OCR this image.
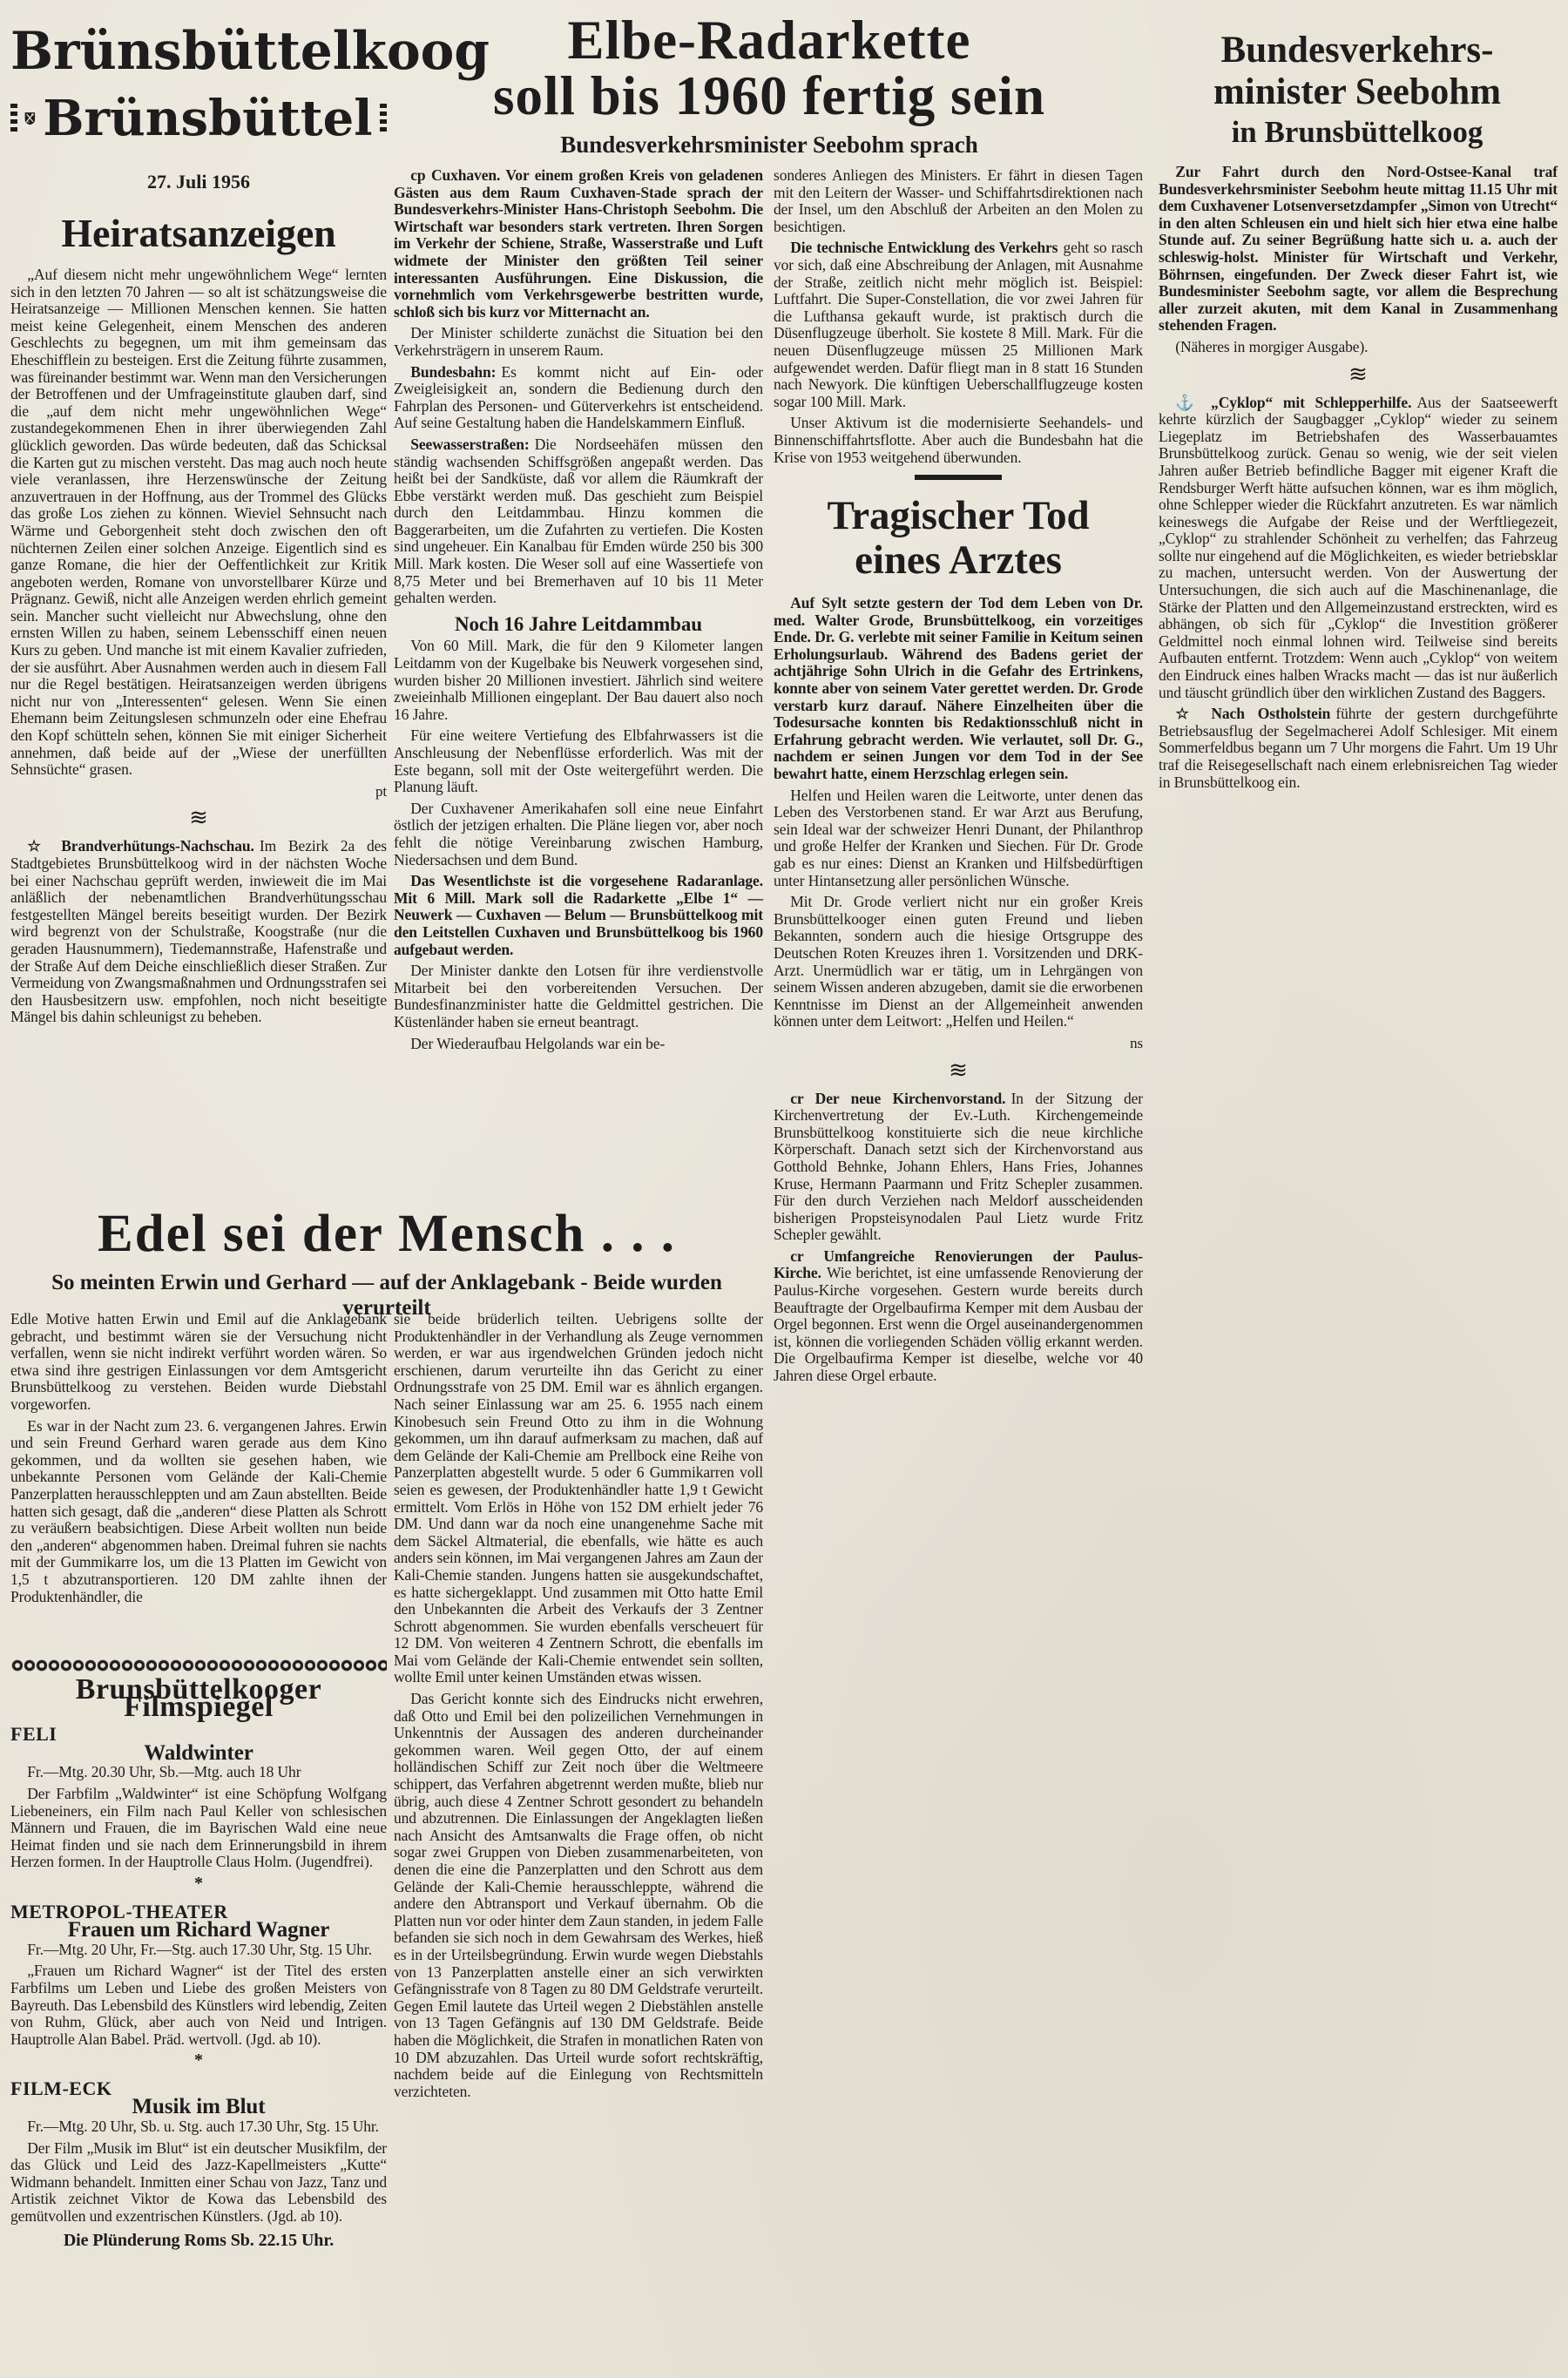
Brünsbüttelkoog
Brünsbüttel
27. Juli 1956
Heiratsanzeigen

„Auf diesem nicht mehr ungewöhnlichem Wege“ lernten sich in den letzten 70 Jahren — so alt ist schätzungsweise die Heiratsanzeige — Millionen Menschen kennen. Sie hatten meist keine Gelegenheit, einem Menschen des anderen Geschlechts zu begegnen, um mit ihm gemeinsam das Eheschifflein zu besteigen. Erst die Zeitung führte zusammen, was füreinander bestimmt war. Wenn man den Versicherungen der Betroffenen und der Umfrageinstitute glauben darf, sind die „auf dem nicht mehr ungewöhnlichen Wege“ zustandegekommenen Ehen in ihrer überwiegenden Zahl glücklich geworden. Das würde bedeuten, daß das Schicksal die Karten gut zu mischen versteht. Das mag auch noch heute viele veranlassen, ihre Herzenswünsche der Zeitung anzuvertrauen in der Hoffnung, aus der Trommel des Glücks das große Los ziehen zu können. Wieviel Sehnsucht nach Wärme und Geborgenheit steht doch zwischen den oft nüchternen Zeilen einer solchen Anzeige. Eigentlich sind es ganze Romane, die hier der Oeffentlichkeit zur Kritik angeboten werden, Romane von unvorstellbarer Kürze und Prägnanz. Gewiß, nicht alle Anzeigen werden ehrlich gemeint sein. Mancher sucht vielleicht nur Abwechslung, ohne den ernsten Willen zu haben, seinem Lebensschiff einen neuen Kurs zu geben. Und manche ist mit einem Kavalier zufrieden, der sie ausführt. Aber Ausnahmen werden auch in diesem Fall nur die Regel bestätigen. Heiratsanzeigen werden übrigens nicht nur von „Interessenten“ gelesen. Wenn Sie einen Ehemann beim Zeitungslesen schmunzeln oder eine Ehefrau den Kopf schütteln sehen, können Sie mit einiger Sicherheit annehmen, daß beide auf der „Wiese der unerfüllten Sehnsüchte“ grasen.

pt

≋

☆ Brandverhütungs-Nachschau. Im Bezirk 2a des Stadtgebietes Brunsbüttelkoog wird in der nächsten Woche bei einer Nachschau geprüft werden, inwieweit die im Mai anläßlich der nebenamtlichen Brandverhütungsschau festgestellten Mängel bereits beseitigt wurden. Der Bezirk wird begrenzt von der Schulstraße, Koogstraße (nur die geraden Hausnummern), Tiedemannstraße, Hafenstraße und der Straße Auf dem Deiche einschließlich dieser Straßen. Zur Vermeidung von Zwangsmaßnahmen und Ordnungsstrafen sei den Hausbesitzern usw. empfohlen, noch nicht beseitigte Mängel bis dahin schleunigst zu beheben.

Elbe-Radarkette
soll bis 1960 fertig sein
Bundesverkehrsminister Seebohm sprach

cp Cuxhaven. Vor einem großen Kreis von geladenen Gästen aus dem Raum Cuxhaven-Stade sprach der Bundesverkehrs-Minister Hans-Christoph Seebohm. Die Wirtschaft war besonders stark vertreten. Ihren Sorgen im Verkehr der Schiene, Straße, Wasserstraße und Luft widmete der Minister den größten Teil seiner interessanten Ausführungen. Eine Diskussion, die vornehmlich vom Verkehrsgewerbe bestritten wurde, schloß sich bis kurz vor Mitternacht an.

Der Minister schilderte zunächst die Situation bei den Verkehrsträgern in unserem Raum.

Bundesbahn: Es kommt nicht auf Ein- oder Zweigleisigkeit an, sondern die Bedienung durch den Fahrplan des Personen- und Güterverkehrs ist entscheidend. Auf seine Gestaltung haben die Handelskammern Einfluß.

Seewasserstraßen: Die Nordseehäfen müssen den ständig wachsenden Schiffsgrößen angepaßt werden. Das heißt bei der Sandküste, daß vor allem die Räumkraft der Ebbe verstärkt werden muß. Das geschieht zum Beispiel durch den Leitdammbau. Hinzu kommen die Baggerarbeiten, um die Zufahrten zu vertiefen. Die Kosten sind ungeheuer. Ein Kanalbau für Emden würde 250 bis 300 Mill. Mark kosten. Die Weser soll auf eine Wassertiefe von 8,75 Meter und bei Bremerhaven auf 10 bis 11 Meter gehalten werden.

Noch 16 Jahre Leitdammbau

Von 60 Mill. Mark, die für den 9 Kilometer langen Leitdamm von der Kugelbake bis Neuwerk vorgesehen sind, wurden bisher 20 Millionen investiert. Jährlich sind weitere zweieinhalb Millionen eingeplant. Der Bau dauert also noch 16 Jahre.

Für eine weitere Vertiefung des Elbfahrwassers ist die Anschleusung der Nebenflüsse erforderlich. Was mit der Este begann, soll mit der Oste weitergeführt werden. Die Planung läuft.

Der Cuxhavener Amerikahafen soll eine neue Einfahrt östlich der jetzigen erhalten. Die Pläne liegen vor, aber noch fehlt die nötige Vereinbarung zwischen Hamburg, Niedersachsen und dem Bund.

Das Wesentlichste ist die vorgesehene Radaranlage. Mit 6 Mill. Mark soll die Radarkette „Elbe 1“ — Neuwerk — Cuxhaven — Belum — Brunsbüttelkoog mit den Leitstellen Cuxhaven und Brunsbüttelkoog bis 1960 aufgebaut werden.

Der Minister dankte den Lotsen für ihre verdienstvolle Mitarbeit bei den vorbereitenden Versuchen. Der Bundesfinanzminister hatte die Geldmittel gestrichen. Die Küstenländer haben sie erneut beantragt.

Der Wiederaufbau Helgolands war ein be-

sie beide brüderlich teilten. Uebrigens sollte der Produktenhändler in der Verhandlung als Zeuge vernommen werden, er war aus irgendwelchen Gründen jedoch nicht erschienen, darum verurteilte ihn das Gericht zu einer Ordnungsstrafe von 25 DM. Emil war es ähnlich ergangen. Nach seiner Einlassung war am 25. 6. 1955 nach einem Kinobesuch sein Freund Otto zu ihm in die Wohnung gekommen, um ihn darauf aufmerksam zu machen, daß auf dem Gelände der Kali-Chemie am Prellbock eine Reihe von Panzerplatten abgestellt wurde. 5 oder 6 Gummikarren voll seien es gewesen, der Produktenhändler hatte 1,9 t Gewicht ermittelt. Vom Erlös in Höhe von 152 DM erhielt jeder 76 DM. Und dann war da noch eine unangenehme Sache mit dem Säckel Altmaterial, die ebenfalls, wie hätte es auch anders sein können, im Mai vergangenen Jahres am Zaun der Kali-Chemie standen. Jungens hatten sie ausgekundschaftet, es hatte sichergeklappt. Und zusammen mit Otto hatte Emil den Unbekannten die Arbeit des Verkaufs der 3 Zentner Schrott abgenommen. Sie wurden ebenfalls verscheuert für 12 DM. Von weiteren 4 Zentnern Schrott, die ebenfalls im Mai vom Gelände der Kali-Chemie entwendet sein sollten, wollte Emil unter keinen Umständen etwas wissen.

Das Gericht konnte sich des Eindrucks nicht erwehren, daß Otto und Emil bei den polizeilichen Vernehmungen in Unkenntnis der Aussagen des anderen durcheinander gekommen waren. Weil gegen Otto, der auf einem holländischen Schiff zur Zeit noch über die Weltmeere schippert, das Verfahren abgetrennt werden mußte, blieb nur übrig, auch diese 4 Zentner Schrott gesondert zu behandeln und abzutrennen. Die Einlassungen der Angeklagten ließen nach Ansicht des Amtsanwalts die Frage offen, ob nicht sogar zwei Gruppen von Dieben zusammenarbeiteten, von denen die eine die Panzerplatten und den Schrott aus dem Gelände der Kali-Chemie herausschleppte, während die andere den Abtransport und Verkauf übernahm. Ob die Platten nun vor oder hinter dem Zaun standen, in jedem Falle befanden sie sich noch in dem Gewahrsam des Werkes, hieß es in der Urteilsbegründung. Erwin wurde wegen Diebstahls von 13 Panzerplatten anstelle einer an sich verwirkten Gefängnisstrafe von 8 Tagen zu 80 DM Geldstrafe verurteilt. Gegen Emil lautete das Urteil wegen 2 Diebstählen anstelle von 13 Tagen Gefängnis auf 130 DM Geldstrafe. Beide haben die Möglichkeit, die Strafen in monatlichen Raten von 10 DM abzuzahlen. Das Urteil wurde sofort rechtskräftig, nachdem beide auf die Einlegung von Rechtsmitteln verzichteten.

sonderes Anliegen des Ministers. Er fährt in diesen Tagen mit den Leitern der Wasser- und Schiffahrtsdirektionen nach der Insel, um den Abschluß der Arbeiten an den Molen zu besichtigen.

Die technische Entwicklung des Verkehrs geht so rasch vor sich, daß eine Abschreibung der Anlagen, mit Ausnahme der Straße, zeitlich nicht mehr möglich ist. Beispiel: Luftfahrt. Die Super-Constellation, die vor zwei Jahren für die Lufthansa gekauft wurde, ist praktisch durch die Düsenflugzeuge überholt. Sie kostete 8 Mill. Mark. Für die neuen Düsenflugzeuge müssen 25 Millionen Mark aufgewendet werden. Dafür fliegt man in 8 statt 16 Stunden nach Newyork. Die künftigen Ueberschallflugzeuge kosten sogar 100 Mill. Mark.

Unser Aktivum ist die modernisierte Seehandels- und Binnenschiffahrtsflotte. Aber auch die Bundesbahn hat die Krise von 1953 weitgehend überwunden.

Tragischer Tod
eines Arztes

Auf Sylt setzte gestern der Tod dem Leben von Dr. med. Walter Grode, Brunsbüttelkoog, ein vorzeitiges Ende. Dr. G. verlebte mit seiner Familie in Keitum seinen Erholungsurlaub. Während des Badens geriet der achtjährige Sohn Ulrich in die Gefahr des Ertrinkens, konnte aber von seinem Vater gerettet werden. Dr. Grode verstarb kurz darauf. Nähere Einzelheiten über die Todesursache konnten bis Redaktionsschluß nicht in Erfahrung gebracht werden. Wie verlautet, soll Dr. G., nachdem er seinen Jungen vor dem Tod in der See bewahrt hatte, einem Herzschlag erlegen sein.

Helfen und Heilen waren die Leitworte, unter denen das Leben des Verstorbenen stand. Er war Arzt aus Berufung, sein Ideal war der schweizer Henri Dunant, der Philanthrop und große Helfer der Kranken und Siechen. Für Dr. Grode gab es nur eines: Dienst an Kranken und Hilfsbedürftigen unter Hintansetzung aller persönlichen Wünsche.

Mit Dr. Grode verliert nicht nur ein großer Kreis Brunsbüttelkooger einen guten Freund und lieben Bekannten, sondern auch die hiesige Ortsgruppe des Deutschen Roten Kreuzes ihren 1. Vorsitzenden und DRK-Arzt. Unermüdlich war er tätig, um in Lehrgängen von seinem Wissen anderen abzugeben, damit sie die erworbenen Kenntnisse im Dienst an der Allgemeinheit anwenden können unter dem Leitwort: „Helfen und Heilen.“

ns

≋

cr Der neue Kirchenvorstand. In der Sitzung der Kirchenvertretung der Ev.-Luth. Kirchengemeinde Brunsbüttelkoog konstituierte sich die neue kirchliche Körperschaft. Danach setzt sich der Kirchenvorstand aus Gotthold Behnke, Johann Ehlers, Hans Fries, Johannes Kruse, Hermann Paarmann und Fritz Schepler zusammen. Für den durch Verziehen nach Meldorf ausscheidenden bisherigen Propsteisynodalen Paul Lietz wurde Fritz Schepler gewählt.

cr Umfangreiche Renovierungen der Paulus-Kirche. Wie berichtet, ist eine umfassende Renovierung der Paulus-Kirche vorgesehen. Gestern wurde bereits durch Beauftragte der Orgelbaufirma Kemper mit dem Ausbau der Orgel begonnen. Erst wenn die Orgel auseinandergenommen ist, können die vorliegenden Schäden völlig erkannt werden. Die Orgelbaufirma Kemper ist dieselbe, welche vor 40 Jahren diese Orgel erbaute.

Bundesverkehrs-
minister Seebohm
in Brunsbüttelkoog

Zur Fahrt durch den Nord-Ostsee-Kanal traf Bundesverkehrsminister Seebohm heute mittag 11.15 Uhr mit dem Cuxhavener Lotsenversetzdampfer „Simon von Utrecht“ in den alten Schleusen ein und hielt sich hier etwa eine halbe Stunde auf. Zu seiner Begrüßung hatte sich u. a. auch der schleswig-holst. Minister für Wirtschaft und Verkehr, Böhrnsen, eingefunden. Der Zweck dieser Fahrt ist, wie Bundesminister Seebohm sagte, vor allem die Besprechung aller zurzeit akuten, mit dem Kanal in Zusammenhang stehenden Fragen.

(Näheres in morgiger Ausgabe).

≋

⚓ „Cyklop“ mit Schlepperhilfe. Aus der Saatseewerft kehrte kürzlich der Saugbagger „Cyklop“ wieder zu seinem Liegeplatz im Betriebshafen des Wasserbauamtes Brunsbüttelkoog zurück. Genau so wenig, wie der seit vielen Jahren außer Betrieb befindliche Bagger mit eigener Kraft die Rendsburger Werft hätte aufsuchen können, war es ihm möglich, ohne Schlepper wieder die Rückfahrt anzutreten. Es war nämlich keineswegs die Aufgabe der Reise und der Werftliegezeit, „Cyklop“ zu strahlender Schönheit zu verhelfen; das Fahrzeug sollte nur eingehend auf die Möglichkeiten, es wieder betriebsklar zu machen, untersucht werden. Von der Auswertung der Untersuchungen, die sich auch auf die Maschinenanlage, die Stärke der Platten und den Allgemeinzustand erstreckten, wird es abhängen, ob sich für „Cyklop“ die Investition größerer Geldmittel noch einmal lohnen wird. Teilweise sind bereits Aufbauten entfernt. Trotzdem: Wenn auch „Cyklop“ von weitem den Eindruck eines halben Wracks macht — das ist nur äußerlich und täuscht gründlich über den wirklichen Zustand des Baggers.

☆ Nach Ostholstein führte der gestern durchgeführte Betriebsausflug der Segelmacherei Adolf Schlesiger. Mit einem Sommerfeldbus begann um 7 Uhr morgens die Fahrt. Um 19 Uhr traf die Reisegesellschaft nach einem erlebnisreichen Tag wieder in Brunsbüttelkoog ein.

Edel sei der Mensch . . .
So meinten Erwin und Gerhard — auf der Anklagebank - Beide wurden verurteilt

Edle Motive hatten Erwin und Emil auf die Anklagebank gebracht, und bestimmt wären sie der Versuchung nicht verfallen, wenn sie nicht indirekt verführt worden wären. So etwa sind ihre gestrigen Einlassungen vor dem Amtsgericht Brunsbüttelkoog zu verstehen. Beiden wurde Diebstahl vorgeworfen.

Es war in der Nacht zum 23. 6. vergangenen Jahres. Erwin und sein Freund Gerhard waren gerade aus dem Kino gekommen, und da wollten sie gesehen haben, wie unbekannte Personen vom Gelände der Kali-Chemie Panzerplatten herausschleppten und am Zaun abstellten. Beide hatten sich gesagt, daß die „anderen“ diese Platten als Schrott zu veräußern beabsichtigen. Diese Arbeit wollten nun beide den „anderen“ abgenommen haben. Dreimal fuhren sie nachts mit der Gummikarre los, um die 13 Platten im Gewicht von 1,5 t abzutransportieren. 120 DM zahlte ihnen der Produktenhändler, die

Brunsbüttelkooger Filmspiegel

FELI

Waldwinter

Fr.—Mtg. 20.30 Uhr, Sb.—Mtg. auch 18 Uhr

Der Farbfilm „Waldwinter“ ist eine Schöpfung Wolfgang Liebeneiners, ein Film nach Paul Keller von schlesischen Männern und Frauen, die im Bayrischen Wald eine neue Heimat finden und sie nach dem Erinnerungsbild in ihrem Herzen formen. In der Hauptrolle Claus Holm. (Jugendfrei).

*

METROPOL-THEATER

Frauen um Richard Wagner

Fr.—Mtg. 20 Uhr, Fr.—Stg. auch 17.30 Uhr, Stg. 15 Uhr.

„Frauen um Richard Wagner“ ist der Titel des ersten Farbfilms um Leben und Liebe des großen Meisters von Bayreuth. Das Lebensbild des Künstlers wird lebendig, Zeiten von Ruhm, Glück, aber auch von Neid und Intrigen. Hauptrolle Alan Babel. Präd. wertvoll. (Jgd. ab 10).

*

FILM-ECK

Musik im Blut

Fr.—Mtg. 20 Uhr, Sb. u. Stg. auch 17.30 Uhr, Stg. 15 Uhr.

Der Film „Musik im Blut“ ist ein deutscher Musikfilm, der das Glück und Leid des Jazz-Kapellmeisters „Kutte“ Widmann behandelt. Inmitten einer Schau von Jazz, Tanz und Artistik zeichnet Viktor de Kowa das Lebensbild des gemütvollen und exzentrischen Künstlers. (Jgd. ab 10).

Die Plünderung Roms Sb. 22.15 Uhr.
